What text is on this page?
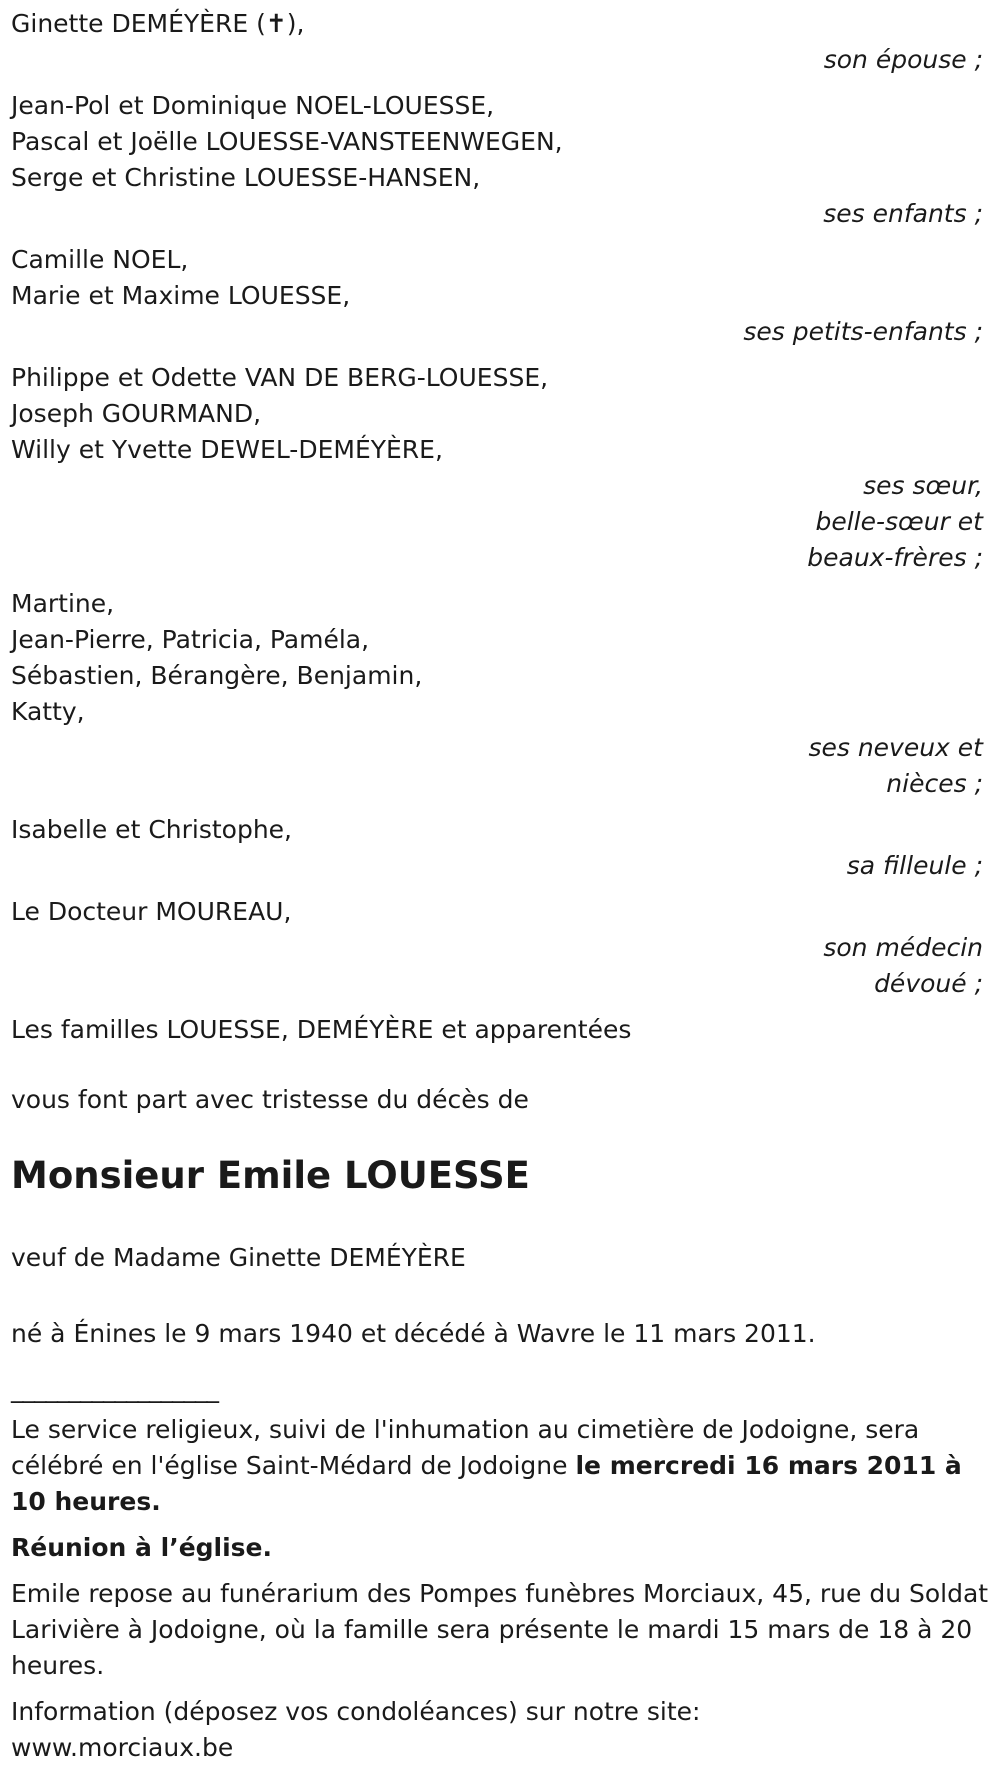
Ginette DEMÉYÈRE (✝),
son épouse ;
Jean-Pol et Dominique NOEL-LOUESSE,
Pascal et Joëlle LOUESSE-VANSTEENWEGEN,
Serge et Christine LOUESSE-HANSEN,
ses enfants ;
Camille NOEL,
Marie et Maxime LOUESSE,
ses petits-enfants ;
Philippe et Odette VAN DE BERG-LOUESSE,
Joseph GOURMAND,
Willy et Yvette DEWEL-DEMÉYÈRE,
ses sœur,
belle-sœur et
beaux-frères ;
Martine,
Jean-Pierre, Patricia, Paméla,
Sébastien, Bérangère, Benjamin,
Katty,
ses neveux et
nièces ;
Isabelle et Christophe,
sa filleule ;
Le Docteur MOUREAU,
son médecin
dévoué ;
Les familles LOUESSE, DEMÉYÈRE et apparentées
vous font part avec tristesse du décès de
Monsieur Emile LOUESSE
veuf de Madame Ginette DEMÉYÈRE
né à Énines le 9 mars 1940 et décédé à Wavre le 11 mars 2011.
__________________

Le service religieux, suivi de l'inhumation au cimetière de Jodoigne, sera célébré en l'église Saint-Médard de Jodoigne le mercredi 16 mars 2011 à 10 heures.

Réunion à l’église.

Emile repose au funérarium des Pompes funèbres Morciaux, 45, rue du Soldat Larivière à Jodoigne, où la famille sera présente le mardi 15 mars de 18 à 20 heures.

Information (déposez vos condoléances) sur notre site:
www.morciaux.be
